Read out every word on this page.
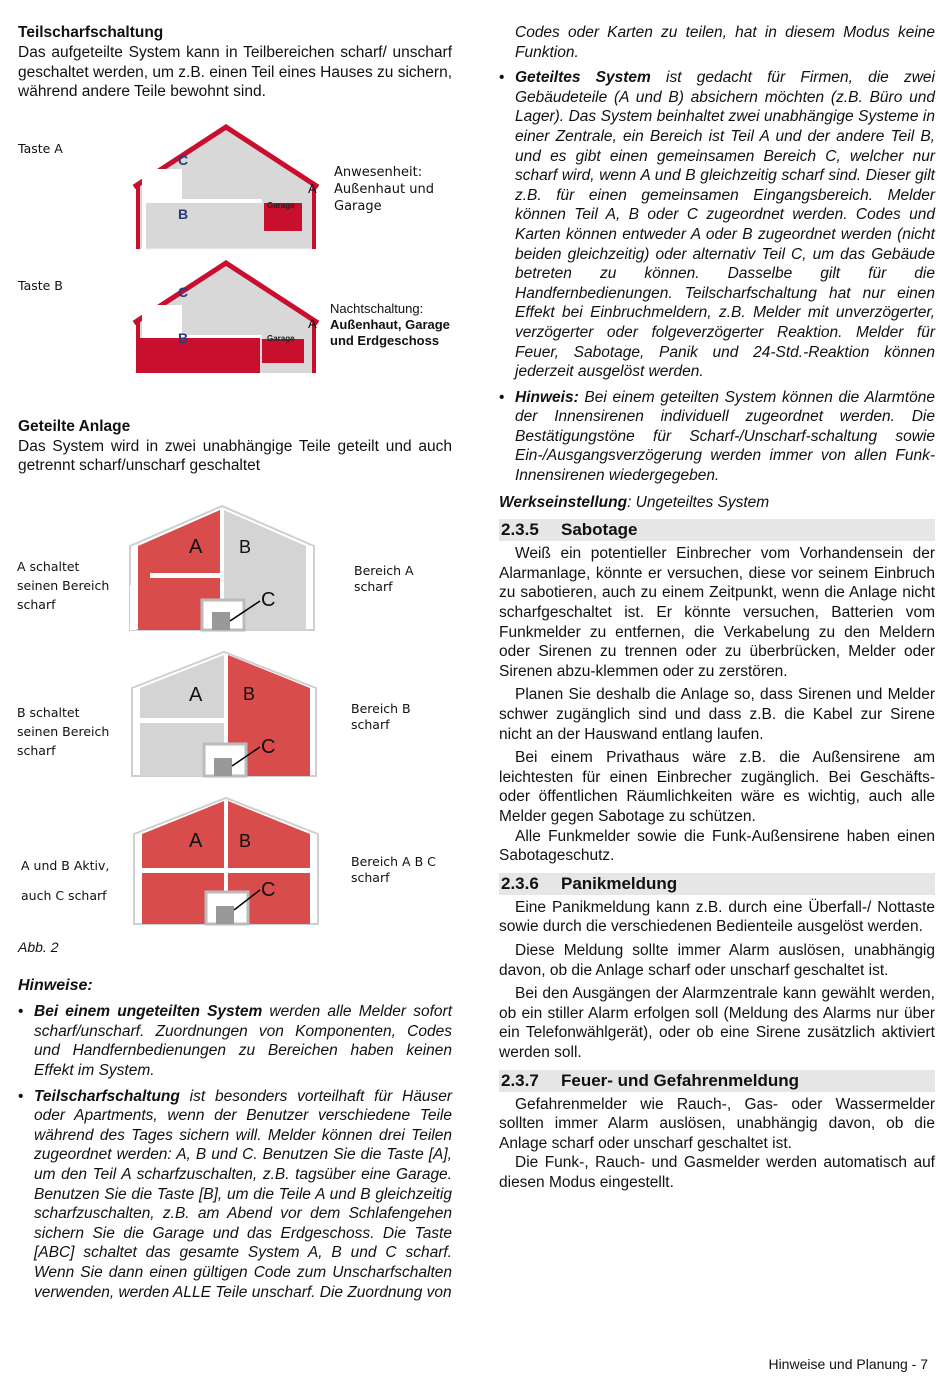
Teilscharfschaltung

Das aufgeteilte System kann in Teilbereichen scharf/ unscharf geschaltet werden, um z.B. einen Teil eines Hauses zu sichern, während andere Teile bewohnt sind.

Taste A
Taste B
C
B
Garage
A
Anwesenheit:
Außenhaut und
Garage
C
B	Garage
A
Nachtschaltung:
Außenhaut, Garage
und Erdgeschoss

Geteilte Anlage

Das System wird in zwei unabhängige Teile geteilt und auch getrennt scharf/unscharf geschaltet

A B
C
A B
C
A B
C
A schaltet
seinen Bereich
scharf
Bereich A
scharf
B schaltet
seinen Bereich
scharf
Bereich B
scharf
A und B Aktiv,
auch C scharf
Bereich A B C
scharf

Abb. 2

Hinweise:

• Bei einem ungeteilten System werden alle Melder sofort scharf/unscharf. Zuordnungen von Komponenten, Codes und Handfernbedienungen zu Bereichen haben keinen Effekt im System.

• Teilscharfschaltung ist besonders vorteilhaft für Häuser oder Apartments, wenn der Benutzer verschiedene Teile während des Tages sichern will. Melder können drei Teilen zugeordnet werden: A, B und C. Benutzen Sie die Taste [A], um den Teil A scharfzuschalten, z.B. tagsüber eine Garage. Benutzen Sie die Taste [B], um die Teile A und B gleichzeitig scharfzuschalten, z.B. am Abend vor dem Schlafengehen sichern Sie die Garage und das Erdgeschoss. Die Taste [ABC] schaltet das gesamte System A, B und C scharf. Wenn Sie dann einen gültigen Code zum Unscharfschalten verwenden, werden ALLE Teile unscharf. Die Zuordnung von

Codes oder Karten zu teilen, hat in diesem Modus keine Funktion.

• Geteiltes System ist gedacht für Firmen, die zwei Gebäudeteile (A und B) absichern möchten (z.B. Büro und Lager). Das System beinhaltet zwei unabhängige Systeme in einer Zentrale, ein Bereich ist Teil A und der andere Teil B, und es gibt einen gemeinsamen Bereich C, welcher nur scharf wird, wenn A und B gleichzeitig scharf sind. Dieser gilt z.B. für einen gemeinsamen Eingangsbereich. Melder können Teil A, B oder C zugeordnet werden. Codes und Karten können entweder A oder B zugeordnet werden (nicht beiden gleichzeitig) oder alternativ Teil C, um das Gebäude betreten zu können. Dasselbe gilt für die Handfernbedienungen. Teilscharfschaltung hat nur einen Effekt bei Einbruchmeldern, z.B. Melder mit unverzögerter, verzögerter oder folgeverzögerter Reaktion. Melder für Feuer, Sabotage, Panik und 24-Std.-Reaktion können jederzeit ausgelöst werden.

• Hinweis: Bei einem geteilten System können die Alarmtöne der Innensirenen individuell zugeordnet werden. Die Bestätigungstöne für Scharf-/Unscharf-schaltung sowie Ein-/Ausgangsverzögerung werden immer von allen Funk-Innensirenen wiedergegeben.

Werkseinstellung: Ungeteiltes System

2.3.5 Sabotage

Weiß ein potentieller Einbrecher vom Vorhandensein der Alarmanlage, könnte er versuchen, diese vor seinem Einbruch zu sabotieren, auch zu einem Zeitpunkt, wenn die Anlage nicht scharfgeschaltet ist. Er könnte versuchen, Batterien vom Funkmelder zu entfernen, die Verkabelung zu den Meldern oder Sirenen zu trennen oder zu überbrücken, Melder oder Sirenen abzu-klemmen oder zu zerstören.

Planen Sie deshalb die Anlage so, dass Sirenen und Melder schwer zugänglich sind und dass z.B. die Kabel zur Sirene nicht an der Hauswand entlang laufen.

Bei einem Privathaus wäre z.B. die Außensirene am leichtesten für einen Einbrecher zugänglich. Bei Geschäfts- oder öffentlichen Räumlichkeiten wäre es wichtig, auch alle Melder gegen Sabotage zu schützen.

Alle Funkmelder sowie die Funk-Außensirene haben einen Sabotageschutz.

2.3.6 Panikmeldung

Eine Panikmeldung kann z.B. durch eine Überfall-/ Nottaste sowie durch die verschiedenen Bedienteile ausgelöst werden.

Diese Meldung sollte immer Alarm auslösen, unabhängig davon, ob die Anlage scharf oder unscharf geschaltet ist.

Bei den Ausgängen der Alarmzentrale kann gewählt werden, ob ein stiller Alarm erfolgen soll (Meldung des Alarms nur über ein Telefonwählgerät), oder ob eine Sirene zusätzlich aktiviert werden soll.

2.3.7 Feuer- und Gefahrenmeldung

Gefahrenmelder wie Rauch-, Gas- oder Wassermelder sollten immer Alarm auslösen, unabhängig davon, ob die Anlage scharf oder unscharf geschaltet ist.

Die Funk-, Rauch- und Gasmelder werden automatisch auf diesen Modus eingestellt.

Hinweise und Planung - 7
